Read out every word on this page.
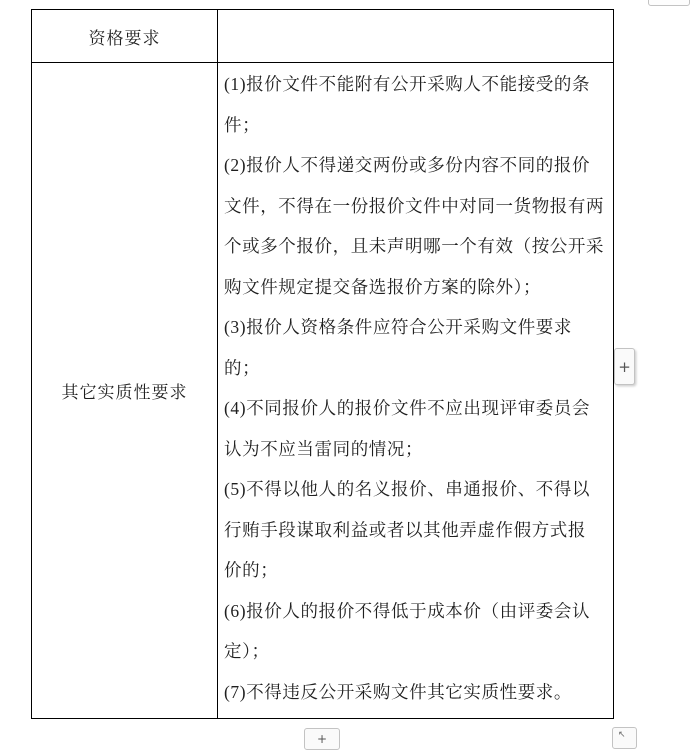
资格要求
其它实质性要求
(1)报价文件不能附有公开采购人不能接受的条
件；
(2)报价人不得递交两份或多份内容不同的报价
文件，不得在一份报价文件中对同一货物报有两
个或多个报价，且未声明哪一个有效（按公开采
购文件规定提交备选报价方案的除外）；
(3)报价人资格条件应符合公开采购文件要求
的；
(4)不同报价人的报价文件不应出现评审委员会
认为不应当雷同的情况；
(5)不得以他人的名义报价、串通报价、不得以
行贿手段谋取利益或者以其他弄虚作假方式报
价的；
(6)报价人的报价不得低于成本价（由评委会认
定）；
(7)不得违反公开采购文件其它实质性要求。
+
+	↖
